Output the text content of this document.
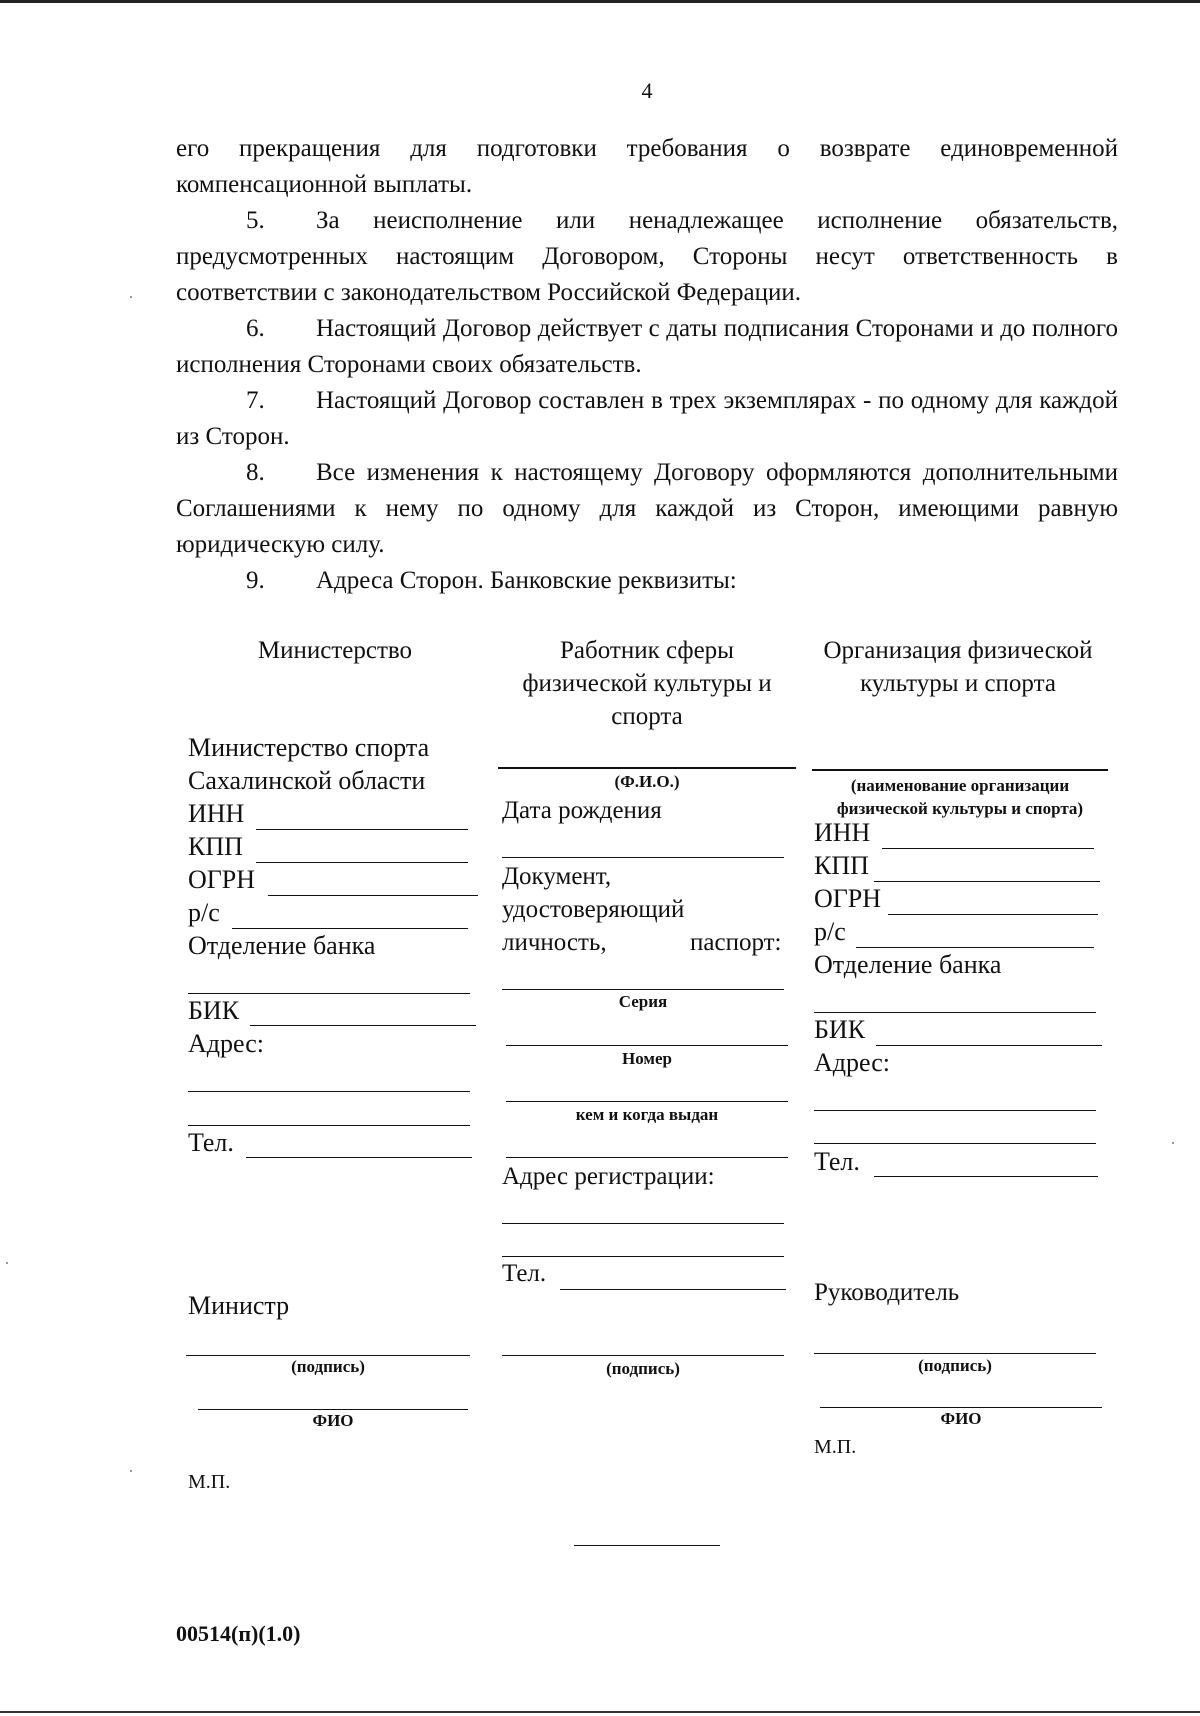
4
его прекращения для подготовки требования о возврате единовременной компенсационной выплаты.
5. За неисполнение или ненадлежащее исполнение обязательств, предусмотренных настоящим Договором, Стороны несут ответственность в соответствии с законодательством Российской Федерации.
6. Настоящий Договор действует с даты подписания Сторонами и до полного исполнения Сторонами своих обязательств.
7. Настоящий Договор составлен в трех экземплярах - по одному для каждой из Сторон.
8. Все изменения к настоящему Договору оформляются дополнительными Соглашениями к нему по одному для каждой из Сторон, имеющими равную юридическую силу.
9. Адреса Сторон. Банковские реквизиты:
Министерство
Министерство спорта
Сахалинской области
ИНН
КПП
ОГРН
р/с
Отделение банка
БИК
Адрес:
Тел.
Министр
(подпись)
ФИО
М.П.
Работник сферы физической культуры и спорта
(Ф.И.О.)
Дата рождения
Документ,
удостоверяющий
личность,	паспорт:
Серия
Номер
кем и когда выдан
Адрес регистрации:
Тел.
(подпись)
Организация физической культуры и спорта
(наименование организации
физической культуры и спорта)
ИНН
КПП
ОГРН
р/с
Отделение банка
БИК
Адрес:
Тел.
Руководитель
(подпись)
ФИО
М.П.
00514(п)(1.0)
